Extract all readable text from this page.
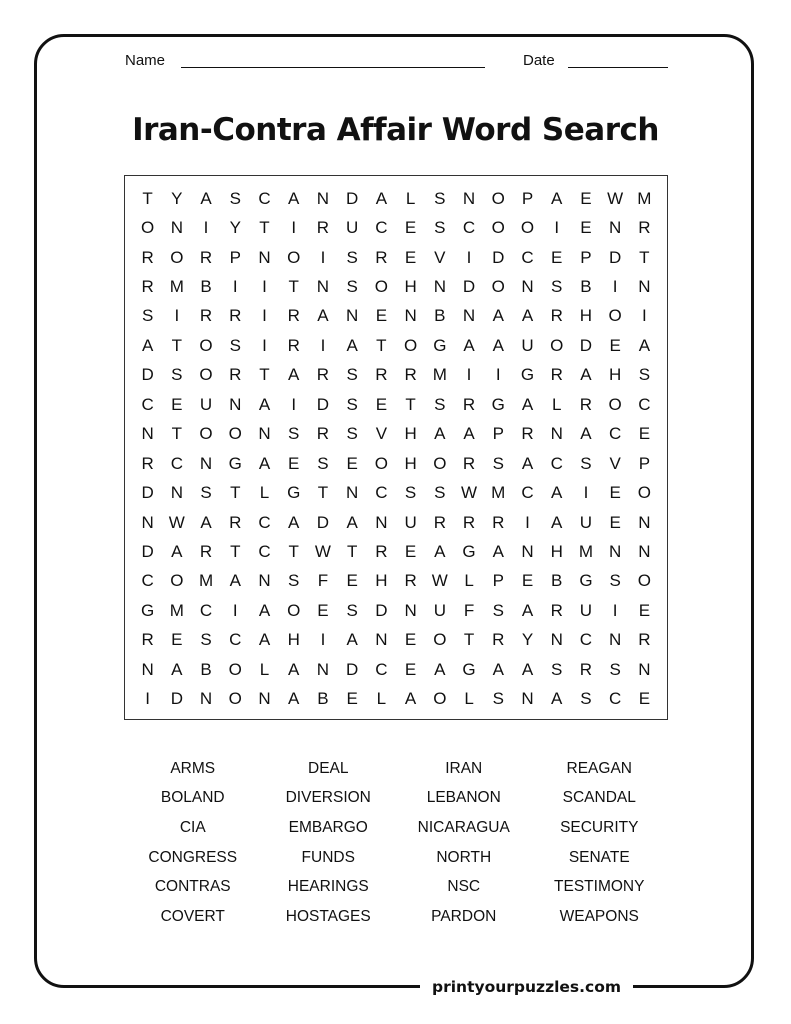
Name	Date
Iran-Contra Affair Word Search
T	Y	A	S	C	A	N D	A	L	S	N O P	A	E W M
O N	I	Y	T	I	R U C	E	S	C O O	I	E	N R
R O R	P	N O	I	S	R	E	V	I	D C	E	P	D	T
R M B	I	I	T	N	S O H N D O N	S	B	I	N
S	I	R R	I	R	A	N	E	N	B	N	A	A	R H O	I
A	T	O S	I	R	I	A	T	O G A	A	U O D	E	A
D	S O R	T	A	R	S	R R M	I	I	G R	A	H	S
C	E	U N	A	I	D	S	E	T	S	R G A	L	R O C
N	T	O O N	S	R	S	V	H	A	A	P	R N	A	C	E
R C N G A	E	S	E O H O R	S	A	C	S	V	P
D N	S	T	L	G	T	N C	S	S W M C	A	I	E O
N W A	R C	A	D	A	N U R R R	I	A	U	E	N
D	A	R	T	C	T W T	R	E	A G A	N H M N N
C O M A	N	S	F	E	H R W L	P	E	B G S O
G M C	I	A O E	S	D N U	F	S	A	R U	I	E
R	E	S	C	A	H	I	A	N	E O	T	R	Y	N C N R
N	A	B O	L	A	N D C	E	A G A	A	S	R	S	N
I	D N O N	A	B	E	L	A O	L	S	N	A	S	C	E
ARMS	DEAL	IRAN	REAGAN
BOLAND	DIVERSION	LEBANON	SCANDAL
CIA	EMBARGO	NICARAGUA	SECURITY
CONGRESS	FUNDS	NORTH	SENATE
CONTRAS	HEARINGS	NSC	TESTIMONY
COVERT	HOSTAGES	PARDON	WEAPONS
printyourpuzzles.com
